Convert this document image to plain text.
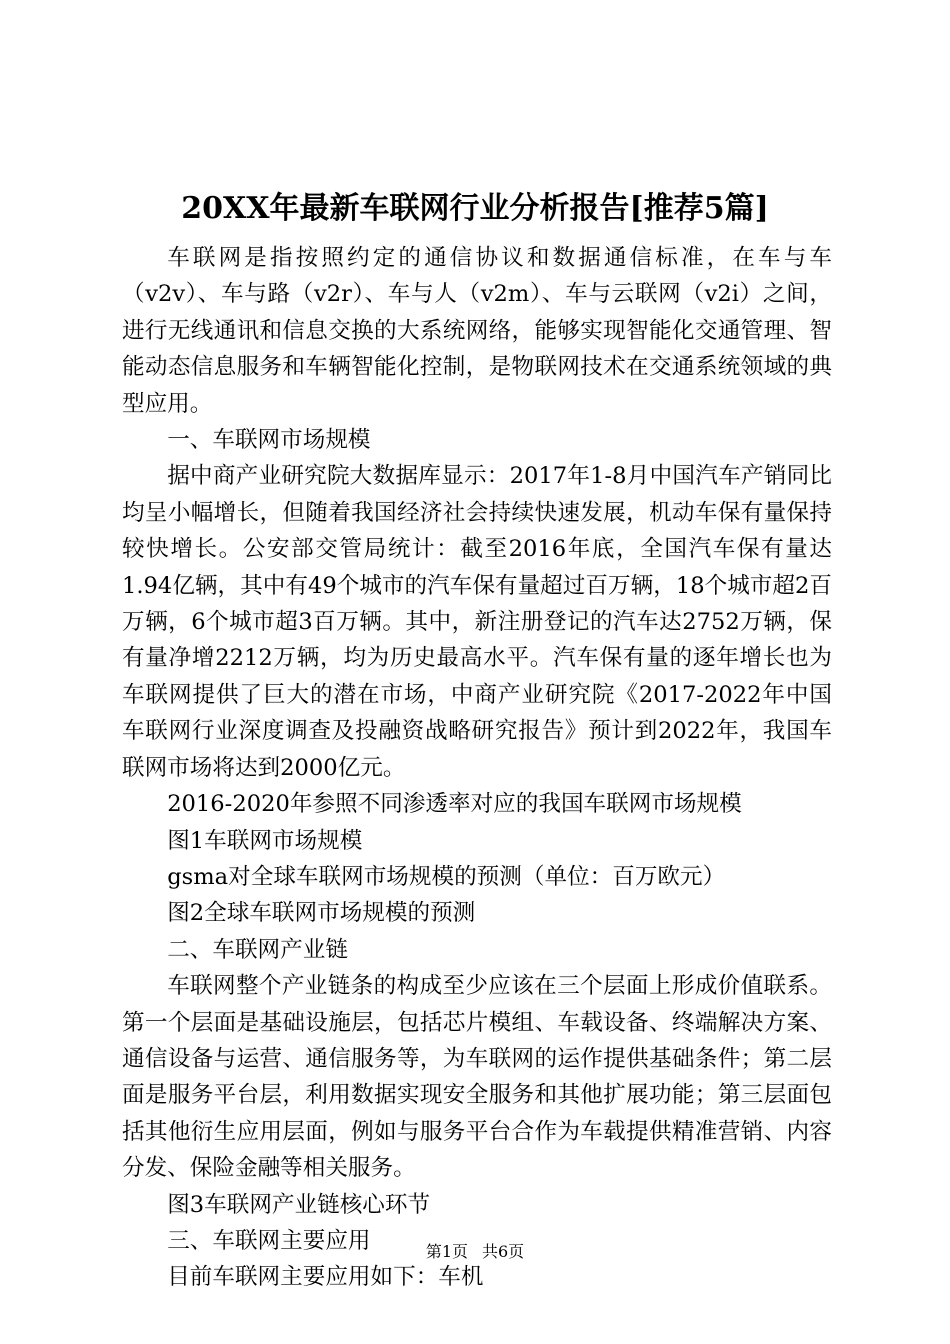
20XX年最新车联网行业分析报告[推荐5篇]

车联网是指按照约定的通信协议和数据通信标准，在车与车（v2v）、车与路（v2r）、车与人（v2m）、车与云联网（v2i）之间，进行无线通讯和信息交换的大系统网络，能够实现智能化交通管理、智能动态信息服务和车辆智能化控制，是物联网技术在交通系统领域的典型应用。

一、车联网市场规模

据中商产业研究院大数据库显示：2017年1-8月中国汽车产销同比均呈小幅增长，但随着我国经济社会持续快速发展，机动车保有量保持较快增长。公安部交管局统计：截至2016年底，全国汽车保有量达1.94亿辆，其中有49个城市的汽车保有量超过百万辆，18个城市超2百万辆，6个城市超3百万辆。其中，新注册登记的汽车达2752万辆，保有量净增2212万辆，均为历史最高水平。汽车保有量的逐年增长也为车联网提供了巨大的潜在市场，中商产业研究院《2017-2022年中国车联网行业深度调查及投融资战略研究报告》预计到2022年，我国车联网市场将达到2000亿元。

2016-2020年参照不同渗透率对应的我国车联网市场规模

图1车联网市场规模

gsma对全球车联网市场规模的预测（单位：百万欧元）

图2全球车联网市场规模的预测

二、车联网产业链

车联网整个产业链条的构成至少应该在三个层面上形成价值联系。第一个层面是基础设施层，包括芯片模组、车载设备、终端解决方案、通信设备与运营、通信服务等，为车联网的运作提供基础条件；第二层面是服务平台层，利用数据实现安全服务和其他扩展功能；第三层面包括其他衍生应用层面，例如与服务平台合作为车载提供精准营销、内容分发、保险金融等相关服务。

图3车联网产业链核心环节

三、车联网主要应用

目前车联网主要应用如下：车机

第1页 共6页
